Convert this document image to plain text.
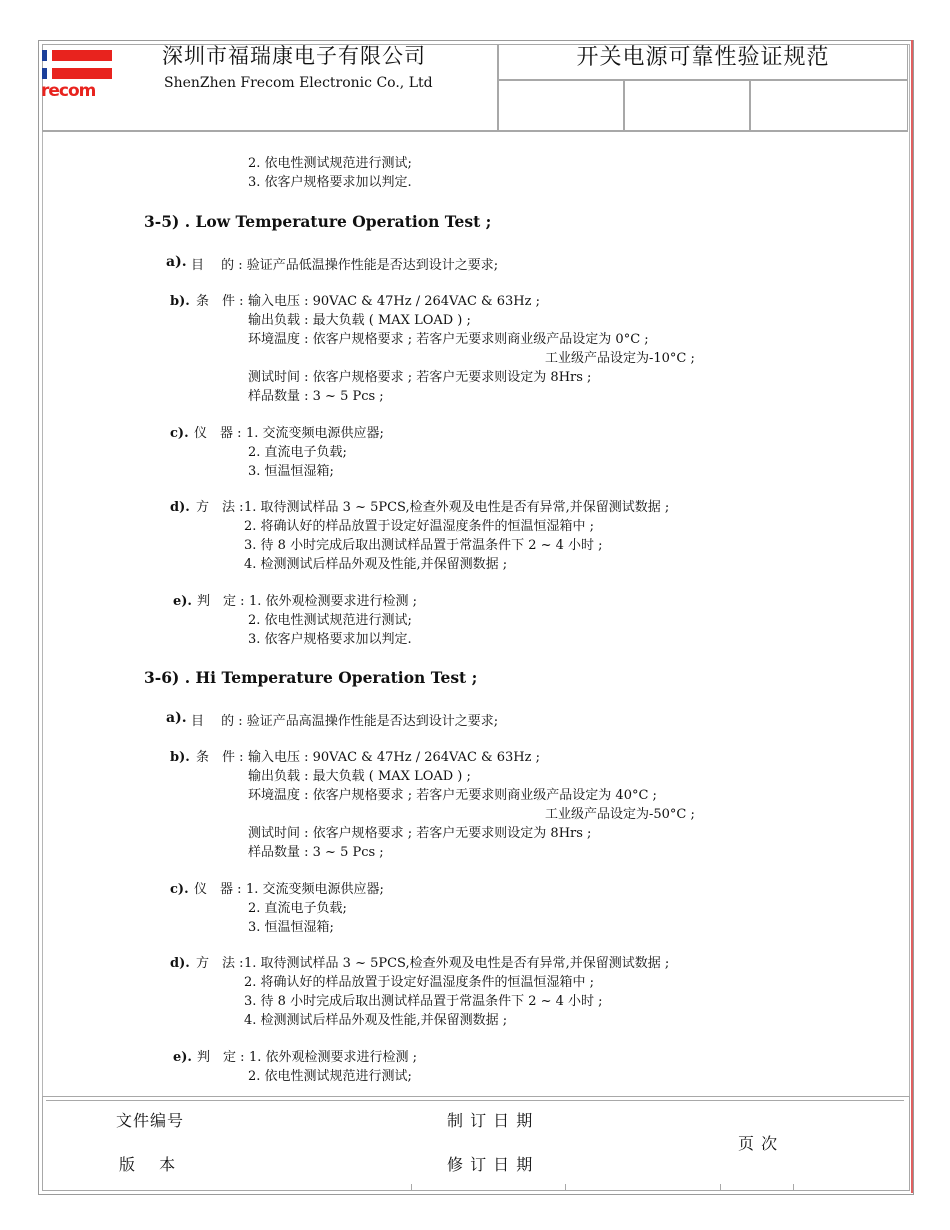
recom
深圳市福瑞康电子有限公司
ShenZhen Frecom Electronic Co., Ltd
开关电源可靠性验证规范
2. 依电性测试规范进行测试;
3. 依客户规格要求加以判定.
3-5) . Low Temperature Operation Test ;
a). 目　 的 : 验证产品低温操作性能是否达到设计之要求;
b). 条　件 : 输入电压 : 90VAC & 47Hz / 264VAC & 63Hz ;
输出负载 : 最大负载 ( MAX LOAD ) ;
环境温度 : 依客户规格要求 ; 若客户无要求则商业级产品设定为 0°C ;
工业级产品设定为-10°C ;
测试时间 : 依客户规格要求 ; 若客户无要求则设定为 8Hrs ;
样品数量 : 3 ~ 5 Pcs ;
c). 仪　器 : 1. 交流变频电源供应器;
2. 直流电子负载;
3. 恒温恒湿箱;
d). 方　法 : 1. 取待测试样品 3 ~ 5PCS,检查外观及电性是否有异常,并保留测试数据 ;
2. 将确认好的样品放置于设定好温湿度条件的恒温恒湿箱中 ;
3. 待 8 小时完成后取出测试样品置于常温条件下 2 ~ 4 小时 ;
4. 检测测试后样品外观及性能,并保留测数据 ;
e). 判　定 : 1. 依外观检测要求进行检测 ;
2. 依电性测试规范进行测试;
3. 依客户规格要求加以判定.
3-6) . Hi Temperature Operation Test ;
a). 目　 的 : 验证产品高温操作性能是否达到设计之要求;
b). 条　件 : 输入电压 : 90VAC & 47Hz / 264VAC & 63Hz ;
输出负载 : 最大负载 ( MAX LOAD ) ;
环境温度 : 依客户规格要求 ; 若客户无要求则商业级产品设定为 40°C ;
工业级产品设定为-50°C ;
测试时间 : 依客户规格要求 ; 若客户无要求则设定为 8Hrs ;
样品数量 : 3 ~ 5 Pcs ;
c). 仪　器 : 1. 交流变频电源供应器;
2. 直流电子负载;
3. 恒温恒湿箱;
d). 方　法 : 1. 取待测试样品 3 ~ 5PCS,检查外观及电性是否有异常,并保留测试数据 ;
2. 将确认好的样品放置于设定好温湿度条件的恒温恒湿箱中 ;
3. 待 8 小时完成后取出测试样品置于常温条件下 2 ~ 4 小时 ;
4. 检测测试后样品外观及性能,并保留测数据 ;
e). 判　定 : 1. 依外观检测要求进行检测 ;
2. 依电性测试规范进行测试;
文件编号
版　 本
制 订 日 期
修 订 日 期
页 次
